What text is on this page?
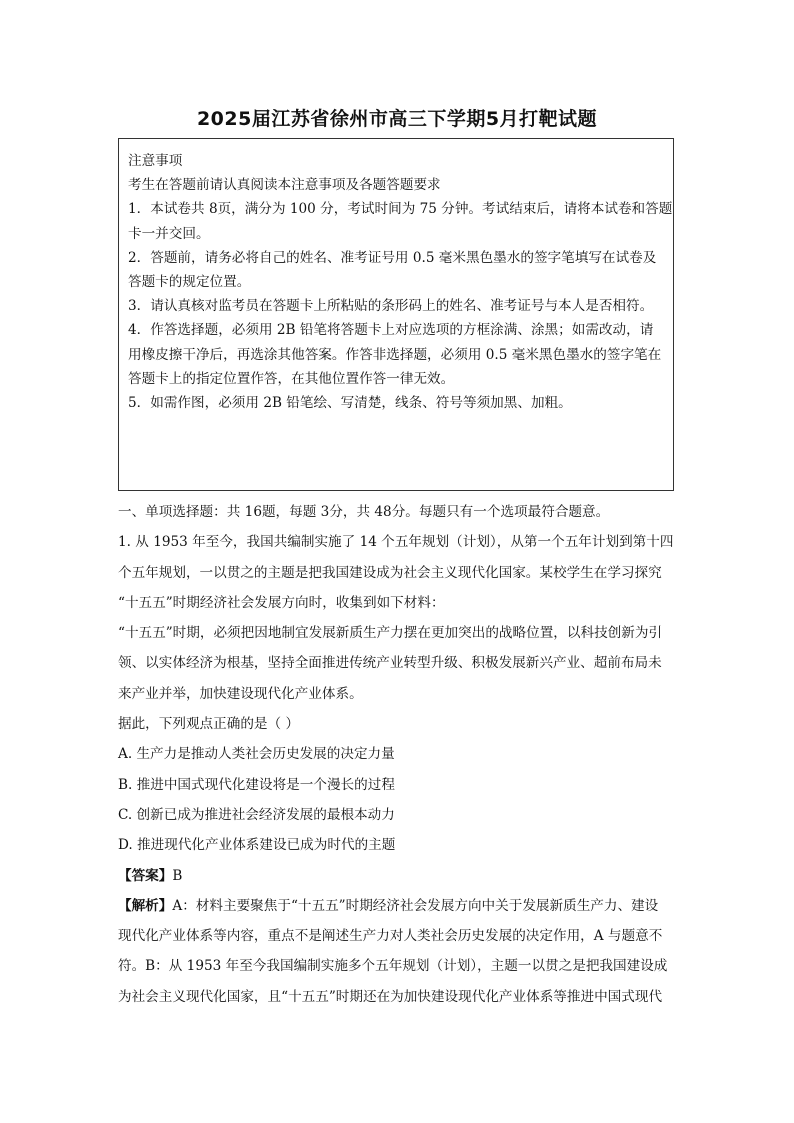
2025届江苏省徐州市高三下学期5月打靶试题
注意事项
考生在答题前请认真阅读本注意事项及各题答题要求
1．本试卷共 8页，满分为 100 分，考试时间为 75 分钟。考试结束后，请将本试卷和答题
卡一并交回。
2．答题前，请务必将自己的姓名、准考证号用 0.5 毫米黑色墨水的签字笔填写在试卷及
答题卡的规定位置。
3．请认真核对监考员在答题卡上所粘贴的条形码上的姓名、准考证号与本人是否相符。
4．作答选择题，必须用 2B 铅笔将答题卡上对应选项的方框涂满、涂黑；如需改动，请
用橡皮擦干净后，再选涂其他答案。作答非选择题，必须用 0.5 毫米黑色墨水的签字笔在
答题卡上的指定位置作答，在其他位置作答一律无效。
5．如需作图，必须用 2B 铅笔绘、写清楚，线条、符号等须加黑、加粗。
一、单项选择题：共 16题，每题 3分，共 48分。每题只有一个选项最符合题意。
1. 从 1953 年至今，我国共编制实施了 14 个五年规划（计划），从第一个五年计划到第十四
个五年规划，一以贯之的主题是把我国建设成为社会主义现代化国家。某校学生在学习探究
“十五五”时期经济社会发展方向时，收集到如下材料：
“十五五”时期，必须把因地制宜发展新质生产力摆在更加突出的战略位置，以科技创新为引
领、以实体经济为根基，坚持全面推进传统产业转型升级、积极发展新兴产业、超前布局未
来产业并举，加快建设现代化产业体系。
据此，下列观点正确的是（ ）
A. 生产力是推动人类社会历史发展的决定力量
B. 推进中国式现代化建设将是一个漫长的过程
C. 创新已成为推进社会经济发展的最根本动力
D. 推进现代化产业体系建设已成为时代的主题
【答案】B
【解析】A：材料主要聚焦于“十五五”时期经济社会发展方向中关于发展新质生产力、建设
现代化产业体系等内容，重点不是阐述生产力对人类社会历史发展的决定作用，A 与题意不
符。B：从 1953 年至今我国编制实施多个五年规划（计划），主题一以贯之是把我国建设成
为社会主义现代化国家，且“十五五”时期还在为加快建设现代化产业体系等推进中国式现代
